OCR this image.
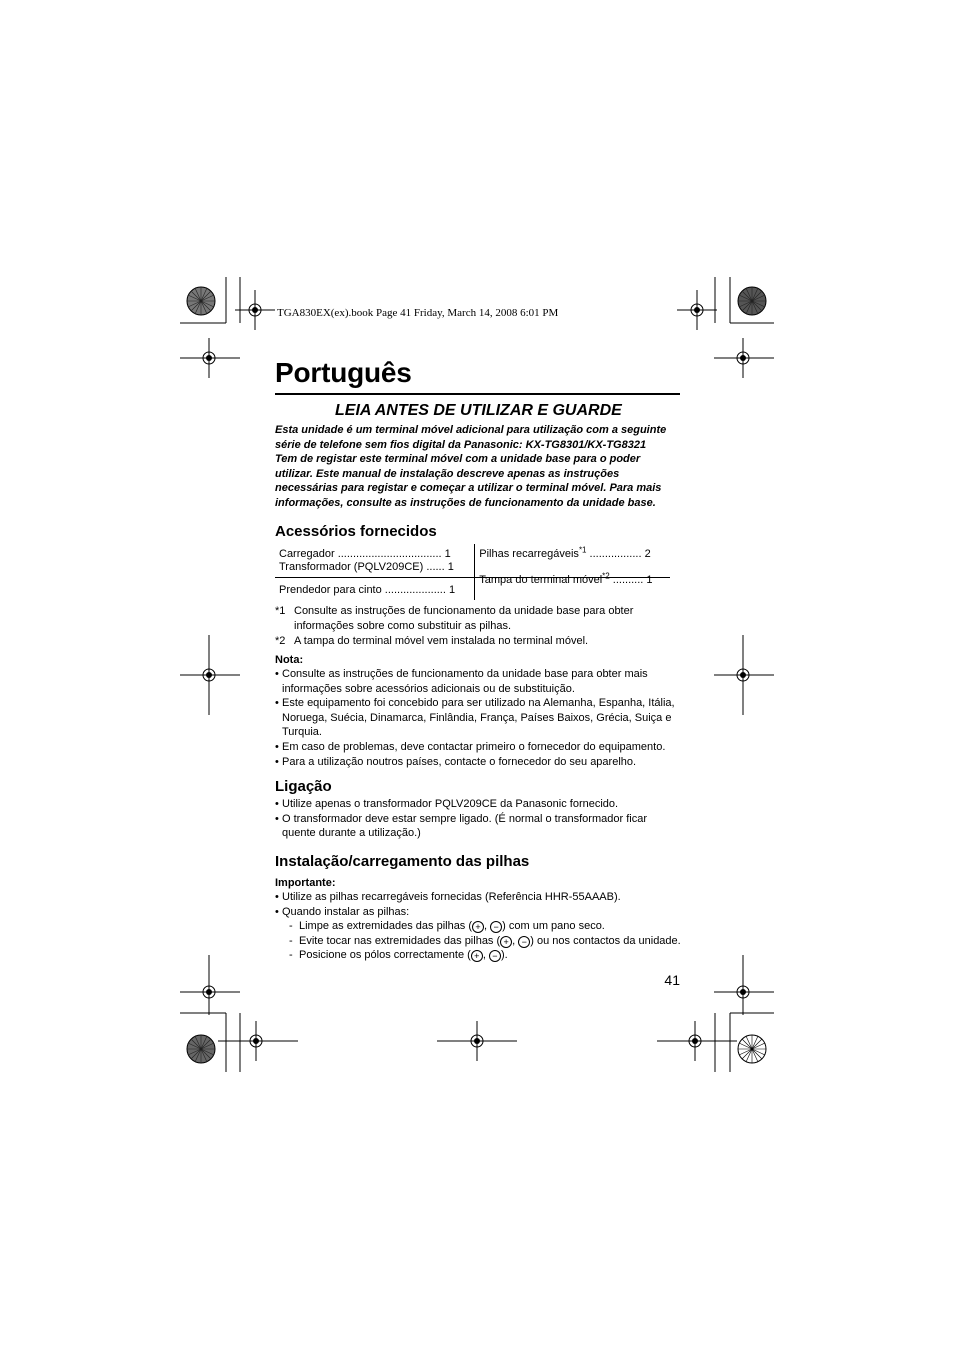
TGA830EX(ex).book Page 41 Friday, March 14, 2008 6:01 PM
Português
LEIA ANTES DE UTILIZAR E GUARDE
Esta unidade é um terminal móvel adicional para utilização com a seguinte
série de telefone sem fios digital da Panasonic: KX-TG8301/KX-TG8321
Tem de registar este terminal móvel com a unidade base para o poder
utilizar. Este manual de instalação descreve apenas as instruções
necessárias para registar e começar a utilizar o terminal móvel. Para mais
informações, consulte as instruções de funcionamento da unidade base.
Acessórios fornecidos
Carregador .................................. 1
Transformador (PQLV209CE) ...... 1	Pilhas recarregáveis$^{*1}$ ................. 2

Prendedor para cinto .................... 1	Tampa do terminal móvel$^{*2}$ .......... 1
*1 Consulte as instruções de funcionamento da unidade base para obter informações sobre como substituir as pilhas.
*2 A tampa do terminal móvel vem instalada no terminal móvel.
Nota:
• Consulte as instruções de funcionamento da unidade base para obter mais informações sobre acessórios adicionais ou de substituição.
• Este equipamento foi concebido para ser utilizado na Alemanha, Espanha, Itália, Noruega, Suécia, Dinamarca, Finlândia, França, Países Baixos, Grécia, Suiça e Turquia.
• Em caso de problemas, deve contactar primeiro o fornecedor do equipamento.
• Para a utilização noutros países, contacte o fornecedor do seu aparelho.
Ligação
• Utilize apenas o transformador PQLV209CE da Panasonic fornecido.
• O transformador deve estar sempre ligado. (É normal o transformador ficar quente durante a utilização.)
Instalação/carregamento das pilhas
Importante:
• Utilize as pilhas recarregáveis fornecidas (Referência HHR-55AAAB).
• Quando instalar as pilhas:
- Limpe as extremidades das pilhas ( + , − ) com um pano seco.
- Evite tocar nas extremidades das pilhas ( + , − ) ou nos contactos da unidade.
- Posicione os pólos correctamente ( + , − ).
41
